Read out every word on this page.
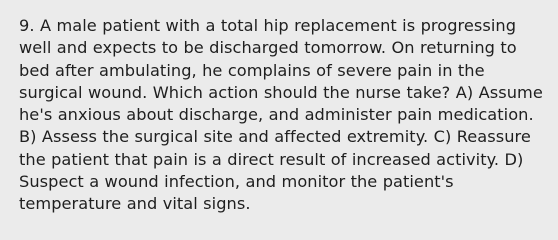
9. A male patient with a total hip replacement is progressing well and expects to be discharged tomorrow. On returning to bed after ambulating, he complains of severe pain in the surgical wound. Which action should the nurse take? A) Assume he's anxious about discharge, and administer pain medication. B) Assess the surgical site and affected extremity. C) Reassure the patient that pain is a direct result of increased activity. D) Suspect a wound infection, and monitor the patient's temperature and vital signs.
